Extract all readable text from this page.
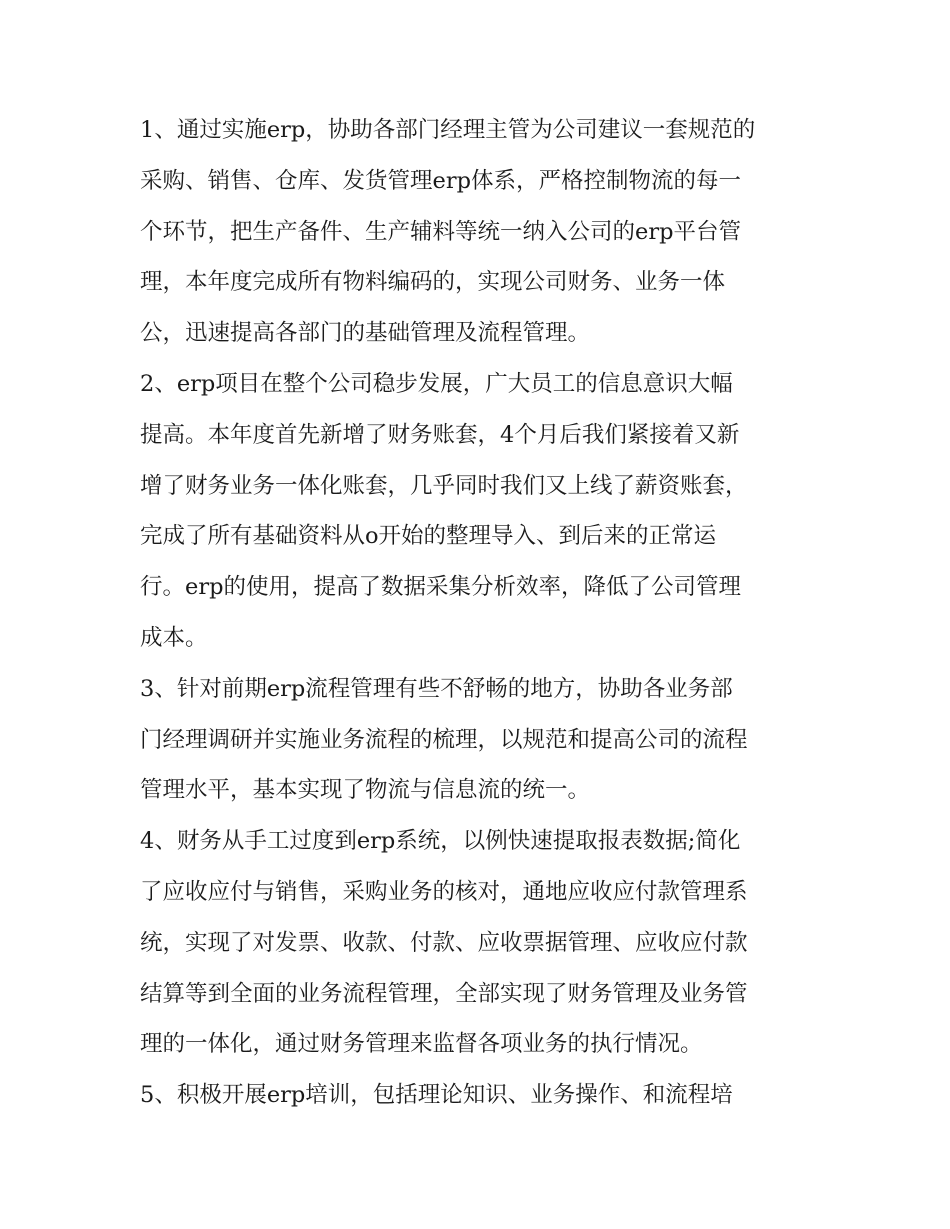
1、通过实施erp，协助各部门经理主管为公司建议一套规范的
采购、销售、仓库、发货管理erp体系，严格控制物流的每一
个环节，把生产备件、生产辅料等统一纳入公司的erp平台管
理，本年度完成所有物料编码的，实现公司财务、业务一体
公，迅速提高各部门的基础管理及流程管理。
2、erp项目在整个公司稳步发展，广大员工的信息意识大幅
提高。本年度首先新增了财务账套，4个月后我们紧接着又新
增了财务业务一体化账套，几乎同时我们又上线了薪资账套，
完成了所有基础资料从o开始的整理导入、到后来的正常运
行。erp的使用，提高了数据采集分析效率，降低了公司管理
成本。
3、针对前期erp流程管理有些不舒畅的地方，协助各业务部
门经理调研并实施业务流程的梳理，以规范和提高公司的流程
管理水平，基本实现了物流与信息流的统一。
4、财务从手工过度到erp系统，以例快速提取报表数据;简化
了应收应付与销售，采购业务的核对，通地应收应付款管理系
统，实现了对发票、收款、付款、应收票据管理、应收应付款
结算等到全面的业务流程管理，全部实现了财务管理及业务管
理的一体化，通过财务管理来监督各项业务的执行情况。
5、积极开展erp培训，包括理论知识、业务操作、和流程培
